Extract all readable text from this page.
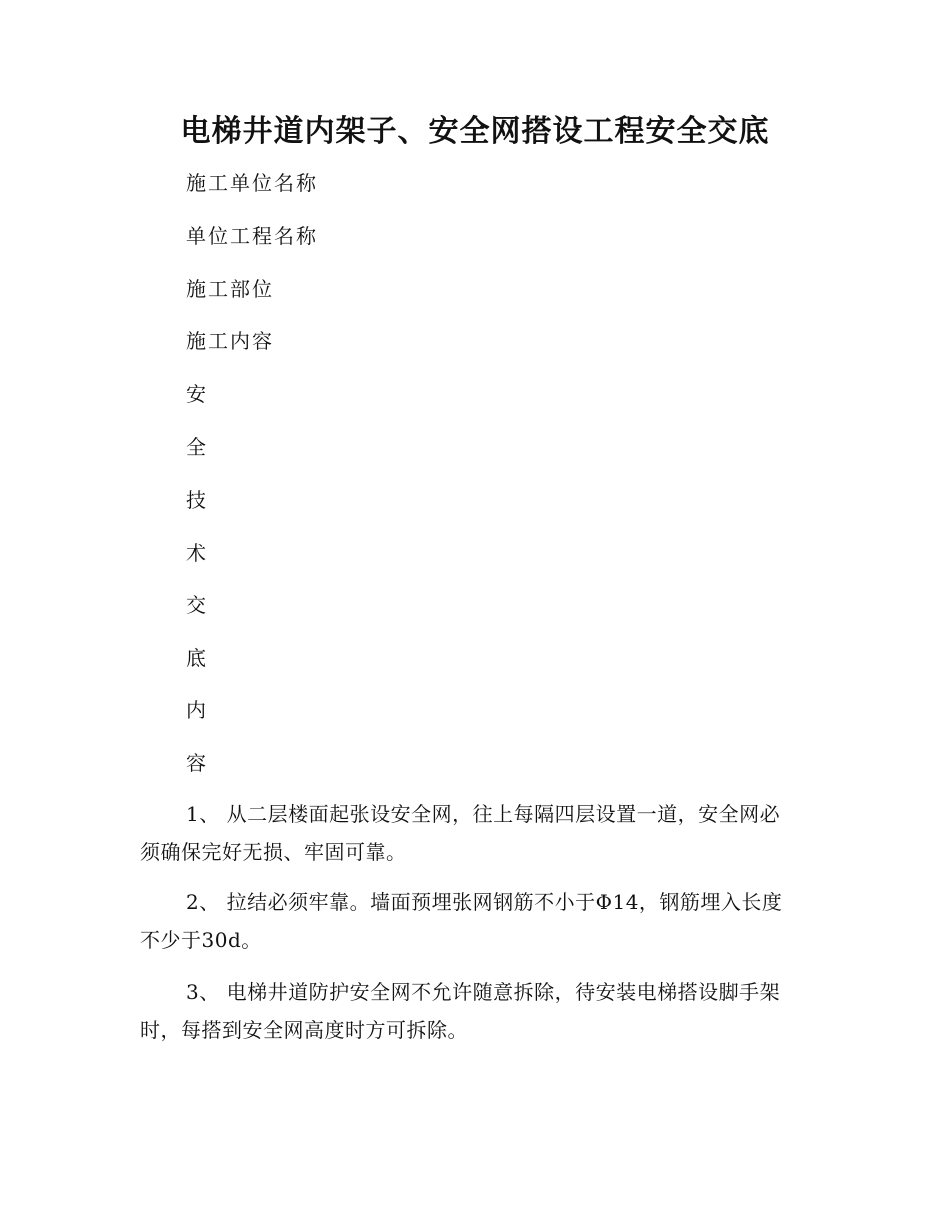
电梯井道内架子、安全网搭设工程安全交底

施工单位名称

单位工程名称

施工部位

施工内容

安

全

技

术

交

底

内

容

1、 从二层楼面起张设安全网，往上每隔四层设置一道，安全网必须确保完好无损、牢固可靠。

2、 拉结必须牢靠。墙面预埋张网钢筋不小于Φ14，钢筋埋入长度不少于30d。

3、 电梯井道防护安全网不允许随意拆除，待安装电梯搭设脚手架时，每搭到安全网高度时方可拆除。
